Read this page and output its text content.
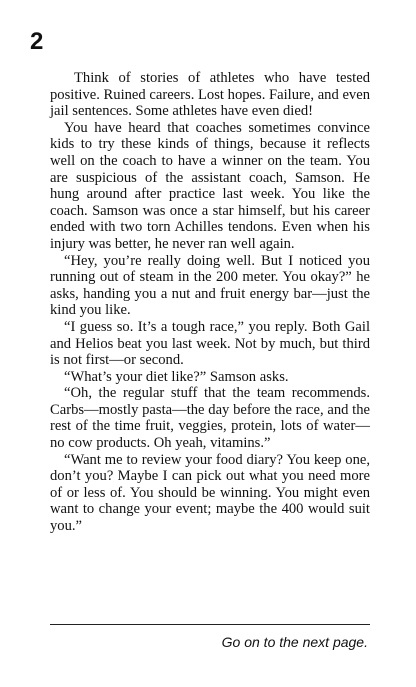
2

Think of stories of athletes who have tested positive. Ruined careers. Lost hopes. Failure, and even jail sentences. Some athletes have even died!

You have heard that coaches sometimes convince kids to try these kinds of things, because it reflects well on the coach to have a winner on the team. You are suspicious of the assistant coach, Samson. He hung around after practice last week. You like the coach. Samson was once a star himself, but his career ended with two torn Achilles tendons. Even when his injury was better, he never ran well again.

“Hey, you’re really doing well. But I noticed you running out of steam in the 200 meter. You okay?” he asks, handing you a nut and fruit energy bar—just the kind you like.

“I guess so. It’s a tough race,” you reply. Both Gail and Helios beat you last week. Not by much, but third is not first—or second.

“What’s your diet like?” Samson asks.

“Oh, the regular stuff that the team recommends. Carbs—mostly pasta—the day before the race, and the rest of the time fruit, veggies, protein, lots of water—no cow products. Oh yeah, vitamins.”

“Want me to review your food diary? You keep one, don’t you? Maybe I can pick out what you need more of or less of. You should be winning. You might even want to change your event; maybe the 400 would suit you.”

Go on to the next page.
